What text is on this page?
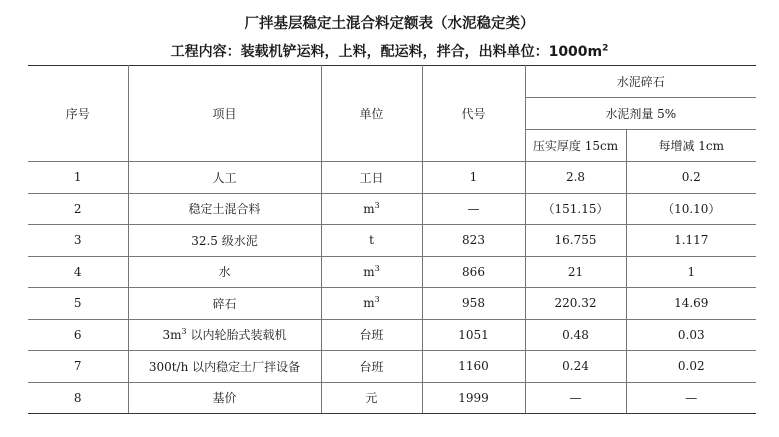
厂拌基层稳定土混合料定额表（水泥稳定类）
工程内容：装载机铲运料，上料，配运料，拌合，出料单位：$1000m^2$
序号	项目	单位	代号	水泥碎石	
				水泥剂量 5%	
				压实厚度 15cm	每增减 1cm
1	人工	工日	1	2.8	0.2
2	稳定土混合料	$m^3$	—	（151.15）	（10.10）
3	32.5 级水泥	t	823	16.755	1.117
4	水	$m^3$	866	21	1
5	碎石	$m^3$	958	220.32	14.69
6	$3m^3$ 以内轮胎式装载机	台班	1051	0.48	0.03
7	300t/h 以内稳定土厂拌设备	台班	1160	0.24	0.02
8	基价	元	1999	—	—
